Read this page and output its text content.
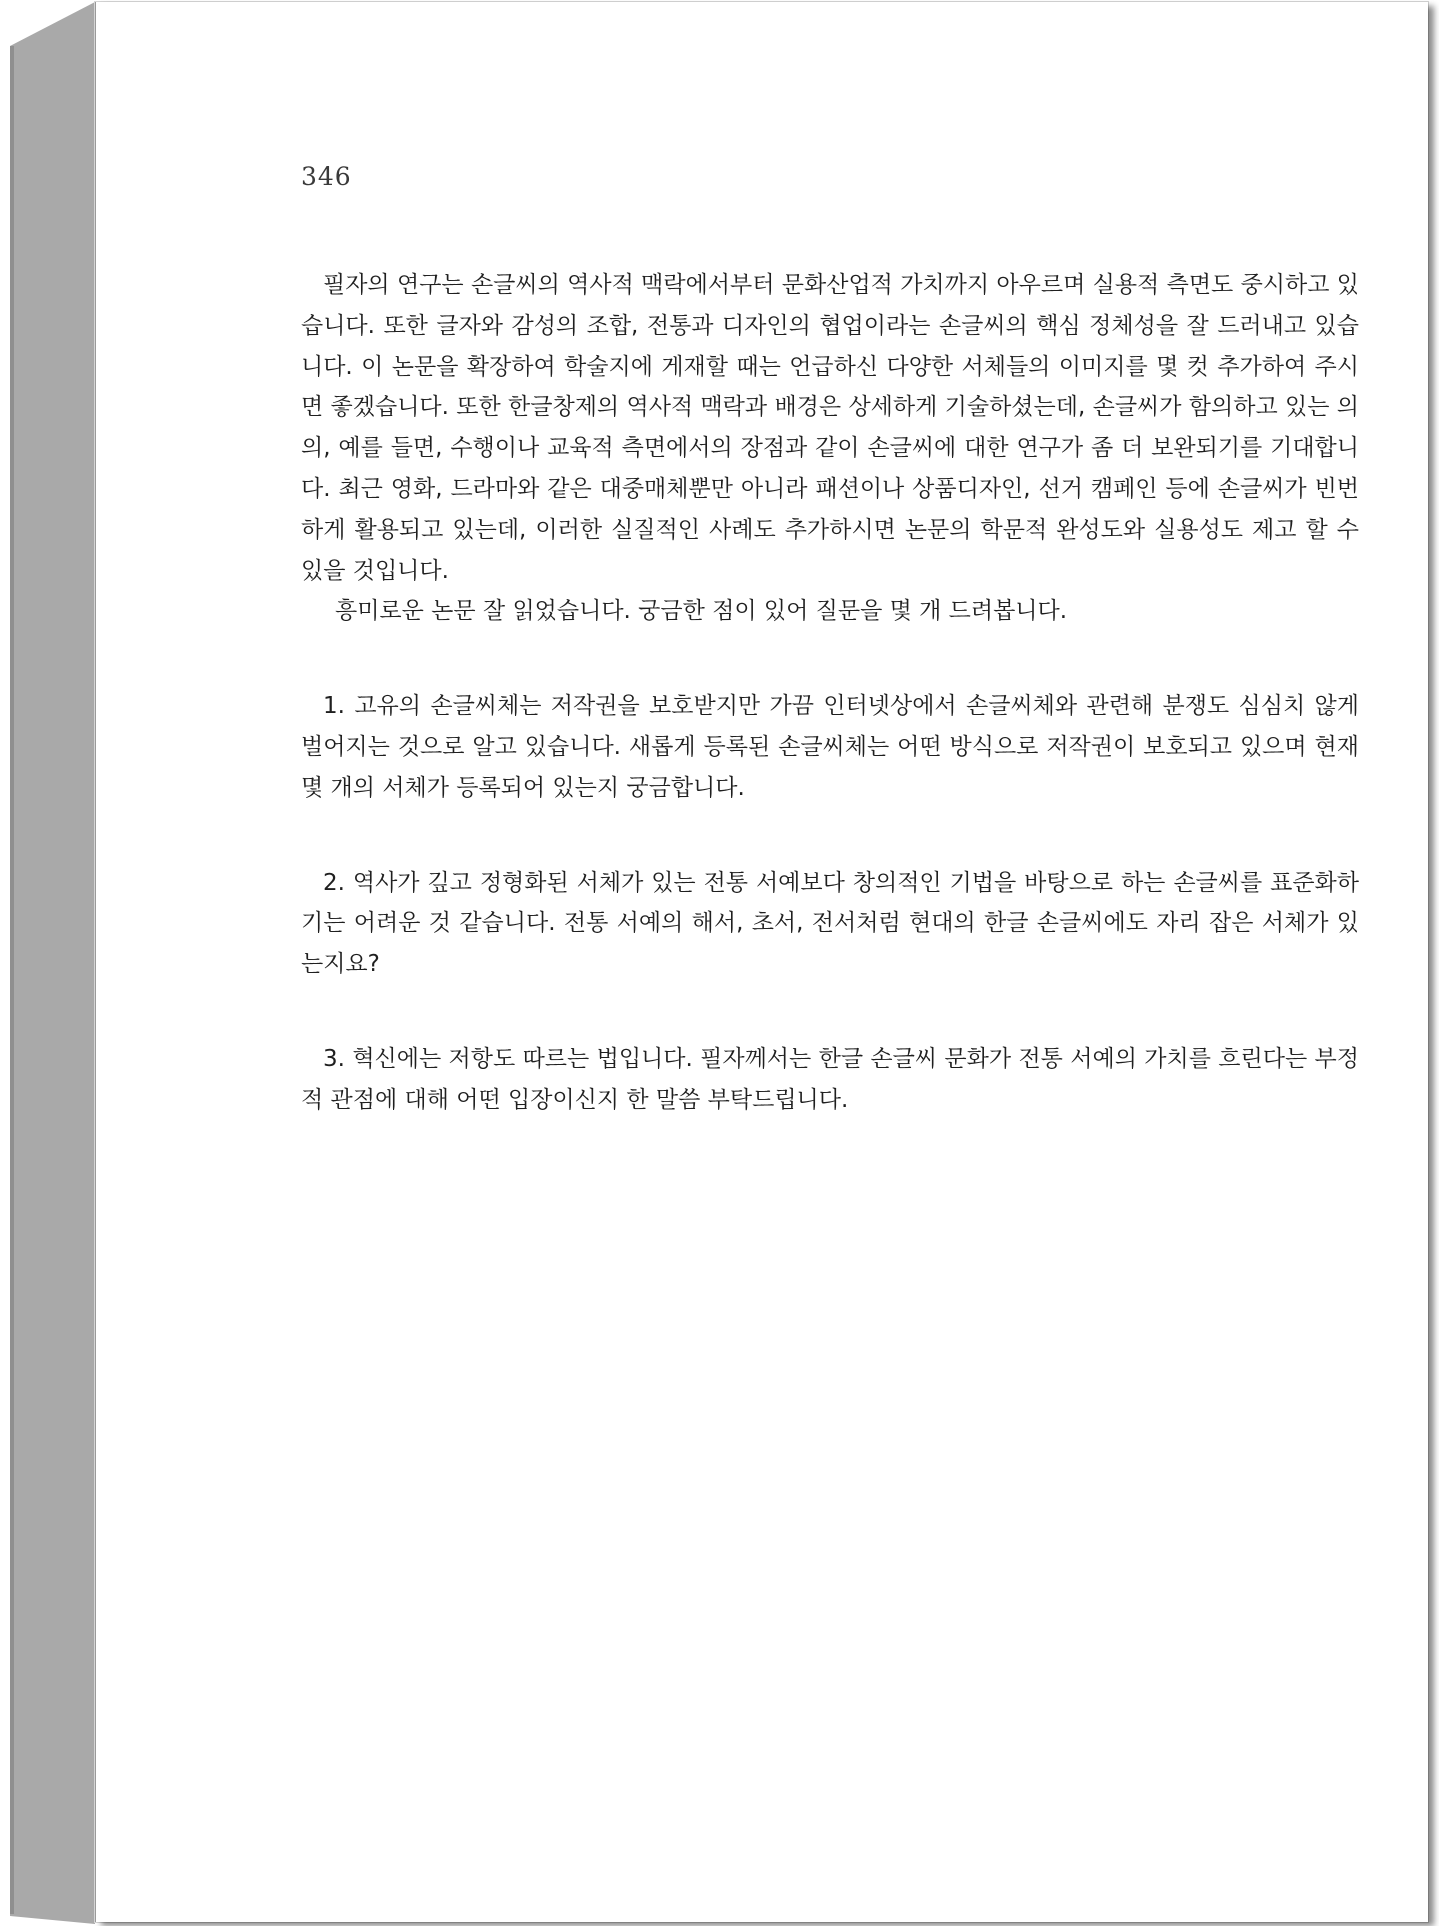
346

필자의 연구는 손글씨의 역사적 맥락에서부터 문화산업적 가치까지 아우르며 실용적 측면도 중시하고 있습니다. 또한 글자와 감성의 조합, 전통과 디자인의 협업이라는 손글씨의 핵심 정체성을 잘 드러내고 있습니다. 이 논문을 확장하여 학술지에 게재할 때는 언급하신 다양한 서체들의 이미지를 몇 컷 추가하여 주시면 좋겠습니다. 또한 한글창제의 역사적 맥락과 배경은 상세하게 기술하셨는데, 손글씨가 함의하고 있는 의의, 예를 들면, 수행이나 교육적 측면에서의 장점과 같이 손글씨에 대한 연구가 좀 더 보완되기를 기대합니다. 최근 영화, 드라마와 같은 대중매체뿐만 아니라 패션이나 상품디자인, 선거 캠페인 등에 손글씨가 빈번하게 활용되고 있는데, 이러한 실질적인 사례도 추가하시면 논문의 학문적 완성도와 실용성도 제고 할 수 있을 것입니다.

흥미로운 논문 잘 읽었습니다. 궁금한 점이 있어 질문을 몇 개 드려봅니다.

1. 고유의 손글씨체는 저작권을 보호받지만 가끔 인터넷상에서 손글씨체와 관련해 분쟁도 심심치 않게 벌어지는 것으로 알고 있습니다. 새롭게 등록된 손글씨체는 어떤 방식으로 저작권이 보호되고 있으며 현재 몇 개의 서체가 등록되어 있는지 궁금합니다.

2. 역사가 깊고 정형화된 서체가 있는 전통 서예보다 창의적인 기법을 바탕으로 하는 손글씨를 표준화하기는 어려운 것 같습니다. 전통 서예의 해서, 초서, 전서처럼 현대의 한글 손글씨에도 자리 잡은 서체가 있는지요?

3. 혁신에는 저항도 따르는 법입니다. 필자께서는 한글 손글씨 문화가 전통 서예의 가치를 흐린다는 부정적 관점에 대해 어떤 입장이신지 한 말씀 부탁드립니다.
